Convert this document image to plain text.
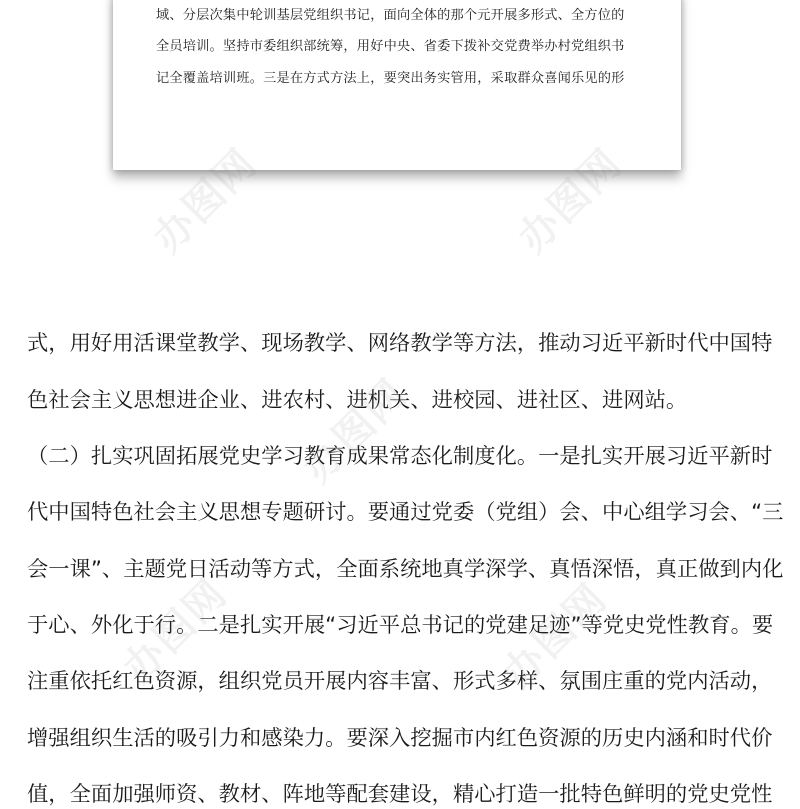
域、分层次集中轮训基层党组织书记，面向全体的那个元开展多形式、全方位的
全员培训。坚持市委组织部统筹，用好中央、省委下拨补交党费举办村党组织书
记全覆盖培训班。三是在方式方法上，要突出务实管用，采取群众喜闻乐见的形
式，用好用活课堂教学、现场教学、网络教学等方法，推动习近平新时代中国特
色社会主义思想进企业、进农村、进机关、进校园、进社区、进网站。
（二）扎实巩固拓展党史学习教育成果常态化制度化。一是扎实开展习近平新时
代中国特色社会主义思想专题研讨。要通过党委（党组）会、中心组学习会、“三
会一课”、主题党日活动等方式，全面系统地真学深学、真悟深悟，真正做到内化
于心、外化于行。二是扎实开展“习近平总书记的党建足迹”等党史党性教育。要
注重依托红色资源，组织党员开展内容丰富、形式多样、氛围庄重的党内活动，
增强组织生活的吸引力和感染力。要深入挖掘市内红色资源的历史内涵和时代价
值，全面加强师资、教材、阵地等配套建设，精心打造一批特色鲜明的党史党性
办图网	办图网
办图网
办图网	办图网
